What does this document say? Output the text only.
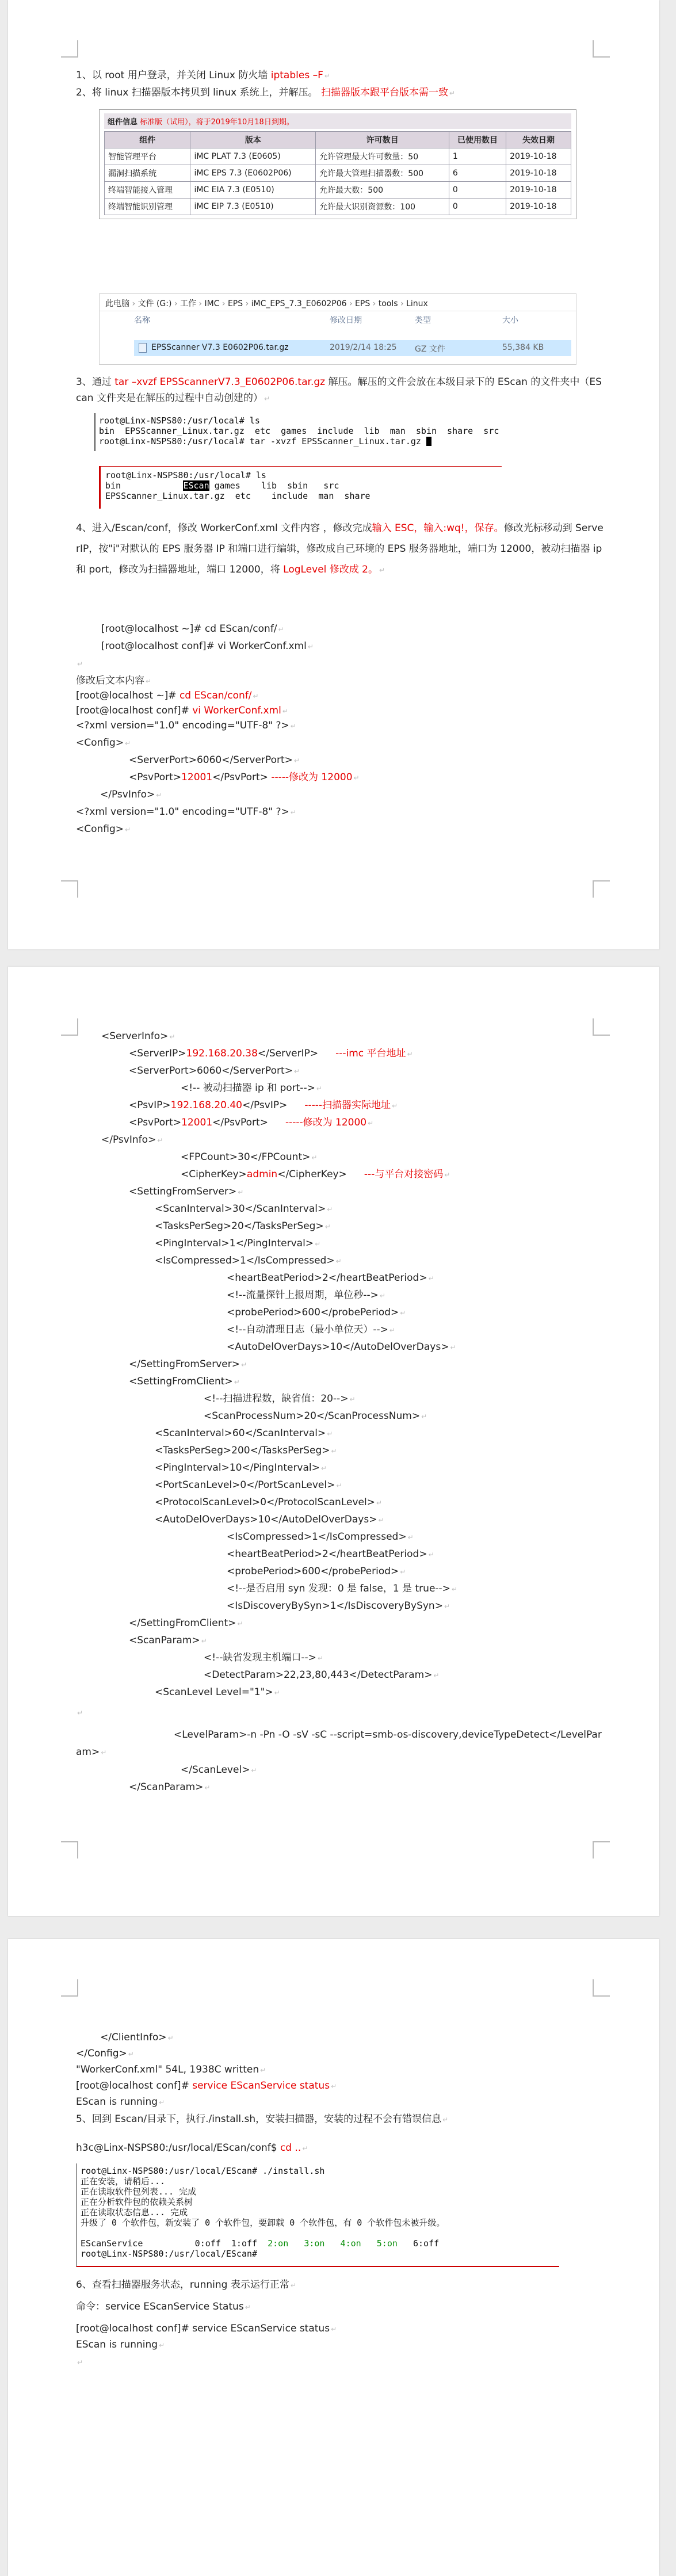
1、以 root 用户登录，并关闭 Linux 防火墙 iptables –F ↵
2、将 linux 扫描器版本拷贝到 linux 系统上，并解压。 扫描器版本跟平台版本需一致 ↵
组件信息 标准版（试用），将于2019年10月18日到期。
组件	版本	许可数目	已使用数目	失效日期
智能管理平台	iMC PLAT 7.3 (E0605)	允许管理最大许可数量：50	1	2019-10-18
漏洞扫描系统	iMC EPS 7.3 (E0602P06)	允许最大管理扫描器数：500	6	2019-10-18
终端智能接入管理	iMC EIA 7.3 (E0510)	允许最大数：500	0	2019-10-18
终端智能识别管理	iMC EIP 7.3 (E0510)	允许最大识别资源数：100	0	2019-10-18
此电脑 › 文件 (G:) › 工作 › IMC › EPS › iMC_EPS_7.3_E0602P06 › EPS › tools › Linux
名称	修改日期	类型	大小
EPSScanner V7.3 E0602P06.tar.gz	2019/2/14 18:25 GZ 文件	55,384 KB
3、通过 tar –xvzf EPSScannerV7.3_E0602P06.tar.gz 解压。解压的文件会放在本级目录下的 EScan 的文件夹中（EScan 文件夹是在解压的过程中自动创建的） ↵
root@Linx-NSPS80:/usr/local# ls
bin  EPSScanner_Linux.tar.gz  etc  games  include  lib  man  sbin  share  src
root@Linx-NSPS80:/usr/local# tar -xvzf EPSScanner_Linux.tar.gz
root@Linx-NSPS80:/usr/local# ls
bin	EScan games    lib  sbin   src
EPSScanner_Linux.tar.gz  etc    include  man  share
4、进入/Escan/conf，修改 WorkerConf.xml 文件内容 ，修改完成输入 ESC，输入:wq!，保存。修改光标移动到 ServerIP，按"i"对默认的 EPS 服务器 IP 和端口进行编辑，修改成自己环境的 EPS 服务器地址，端口为 12000，被动扫描器 ip 和 port，修改为扫描器地址，端口 12000，将 LogLevel 修改成 2。 ↵
[root@localhost ~]# cd EScan/conf/ ↵
[root@localhost conf]# vi WorkerConf.xml ↵
↵
修改后文本内容 ↵
[root@localhost ~]# cd EScan/conf/ ↵
[root@localhost conf]# vi WorkerConf.xml ↵
<?xml version="1.0" encoding="UTF-8" ?> ↵
<Config> ↵
<ServerPort>6060</ServerPort> ↵
<PsvPort>12001</PsvPort> -----修改为 12000 ↵
</PsvInfo> ↵
<?xml version="1.0" encoding="UTF-8" ?> ↵
<Config> ↵
<ServerInfo> ↵
<ServerIP>192.168.20.38</ServerIP> ---imc 平台地址 ↵
<ServerPort>6060</ServerPort> ↵
<!-- 被动扫描器 ip 和 port--> ↵
<PsvIP>192.168.20.40</PsvIP> -----扫描器实际地址 ↵
<PsvPort>12001</PsvPort> -----修改为 12000 ↵
</PsvInfo> ↵
<FPCount>30</FPCount> ↵
<CipherKey>admin</CipherKey> ---与平台对接密码 ↵
<SettingFromServer> ↵
<ScanInterval>30</ScanInterval> ↵
<TasksPerSeg>20</TasksPerSeg> ↵
<PingInterval>1</PingInterval> ↵
<IsCompressed>1</IsCompressed> ↵
<heartBeatPeriod>2</heartBeatPeriod> ↵
<!--流量探针上报周期，单位秒--> ↵
<probePeriod>600</probePeriod> ↵
<!--自动清理日志（最小单位天）--> ↵
<AutoDelOverDays>10</AutoDelOverDays> ↵
</SettingFromServer> ↵
<SettingFromClient> ↵
<!--扫描进程数，缺省值：20--> ↵
<ScanProcessNum>20</ScanProcessNum> ↵
<ScanInterval>60</ScanInterval> ↵
<TasksPerSeg>200</TasksPerSeg> ↵
<PingInterval>10</PingInterval> ↵
<PortScanLevel>0</PortScanLevel> ↵
<ProtocolScanLevel>0</ProtocolScanLevel> ↵
<AutoDelOverDays>10</AutoDelOverDays> ↵
<IsCompressed>1</IsCompressed> ↵
<heartBeatPeriod>2</heartBeatPeriod> ↵
<probePeriod>600</probePeriod> ↵
<!--是否启用 syn 发现：0 是 false，1 是 true--> ↵
<IsDiscoveryBySyn>1</IsDiscoveryBySyn> ↵
</SettingFromClient> ↵
<ScanParam> ↵
<!--缺省发现主机端口--> ↵
<DetectParam>22,23,80,443</DetectParam> ↵
<ScanLevel Level="1"> ↵
↵
<LevelParam>-n -Pn -O -sV -sC --script=smb-os-discovery,deviceTypeDetect</LevelParam> ↵
</ScanLevel> ↵
</ScanParam> ↵
</ClientInfo> ↵
</Config> ↵
"WorkerConf.xml" 54L, 1938C written ↵
[root@localhost conf]# service EScanService status ↵
EScan is running ↵
5、回到 Escan/目录下，执行./install.sh，安装扫描器，安装的过程不会有错误信息 ↵
h3c@Linx-NSPS80:/usr/local/EScan/conf$ cd .. ↵
root@Linx-NSPS80:/usr/local/EScan# ./install.sh
正在安装，请稍后...
正在读取软件包列表... 完成
正在分析软件包的依赖关系树
正在读取状态信息... 完成
升级了 0 个软件包，新安装了 0 个软件包，要卸载 0 个软件包，有 0 个软件包未被升级。
EScanService          0:off  1:off  2:on   3:on   4:on   5:on   6:off
root@Linx-NSPS80:/usr/local/EScan#
6、查看扫描器服务状态，running 表示运行正常 ↵
命令：service EScanService Status ↵
[root@localhost conf]# service EScanService status ↵
EScan is running ↵
↵
